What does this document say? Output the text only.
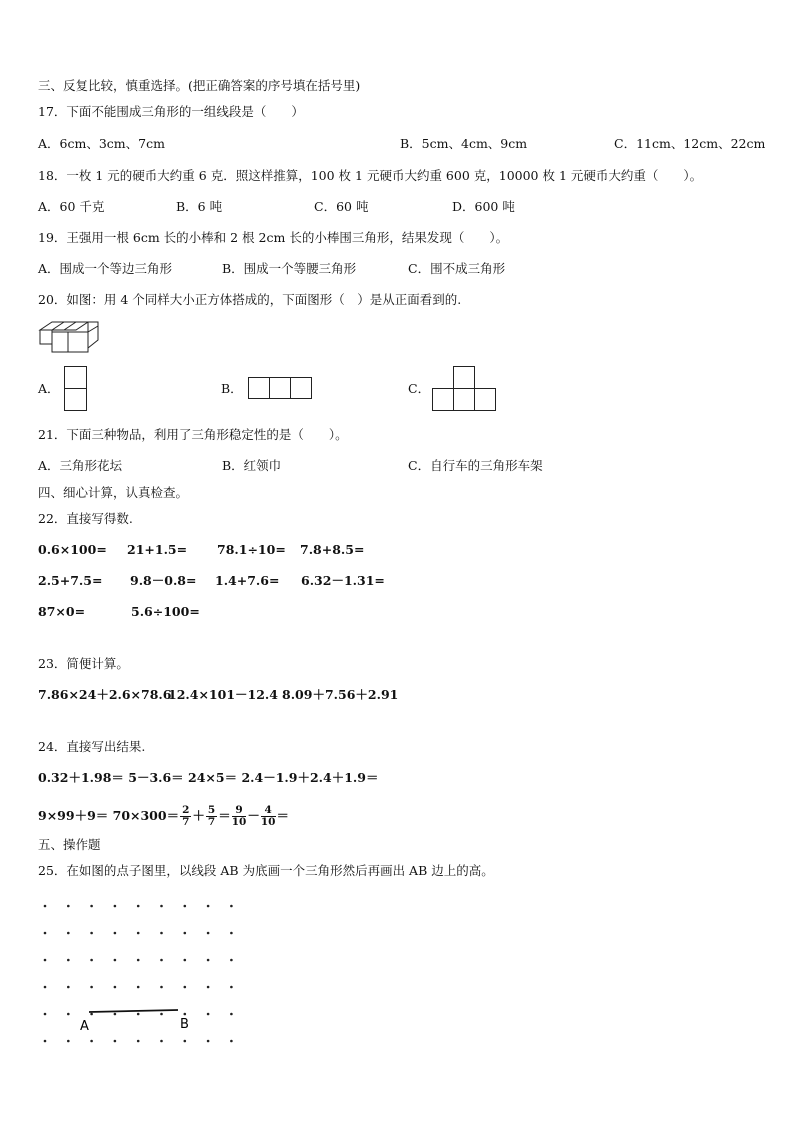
三、反复比较，慎重选择。(把正确答案的序号填在括号里)
17．下面不能围成三角形的一组线段是（　　）
A．6cm、3cm、7cm	B．5cm、4cm、9cm	C．11cm、12cm、22cm
18．一枚 1 元的硬币大约重 6 克．照这样推算，100 枚 1 元硬币大约重 600 克，10000 枚 1 元硬币大约重（　　）。
A．60 千克	B．6 吨	C．60 吨	D．600 吨
19．王强用一根 6cm 长的小棒和 2 根 2cm 长的小棒围三角形，结果发现（　　）。
A．围成一个等边三角形	B．围成一个等腰三角形	C．围不成三角形
20．如图：用 4 个同样大小正方体搭成的，下面图形（　）是从正面看到的.
A．	B．	C．
21．下面三种物品，利用了三角形稳定性的是（　　）。
A．三角形花坛	B．红领巾	C．自行车的三角形车架
四、细心计算，认真检查。
22．直接写得数.
0.6×100= 21+1.5= 78.1÷10= 7.8+8.5=
2.5+7.5= 9.8－0.8= 1.4+7.6= 6.32－1.31=
87×0=	5.6÷100=
23．简便计算。
7.86×24＋2.6×78.6
12.4×101－12.4 8.09＋7.56＋2.91
24．直接写出结果.
0.32＋1.98＝ 5－3.6＝ 24×5＝ 2.4－1.9＋2.4＋1.9＝
$9\times 99+9= 70\times 300= \frac{2}{7} + \frac{5}{7} = \frac{9}{10} - \frac{4}{10}$ ＝
五、操作题
25．在如图的点子图里，以线段 AB 为底画一个三角形然后再画出 AB 边上的高。
A	B
